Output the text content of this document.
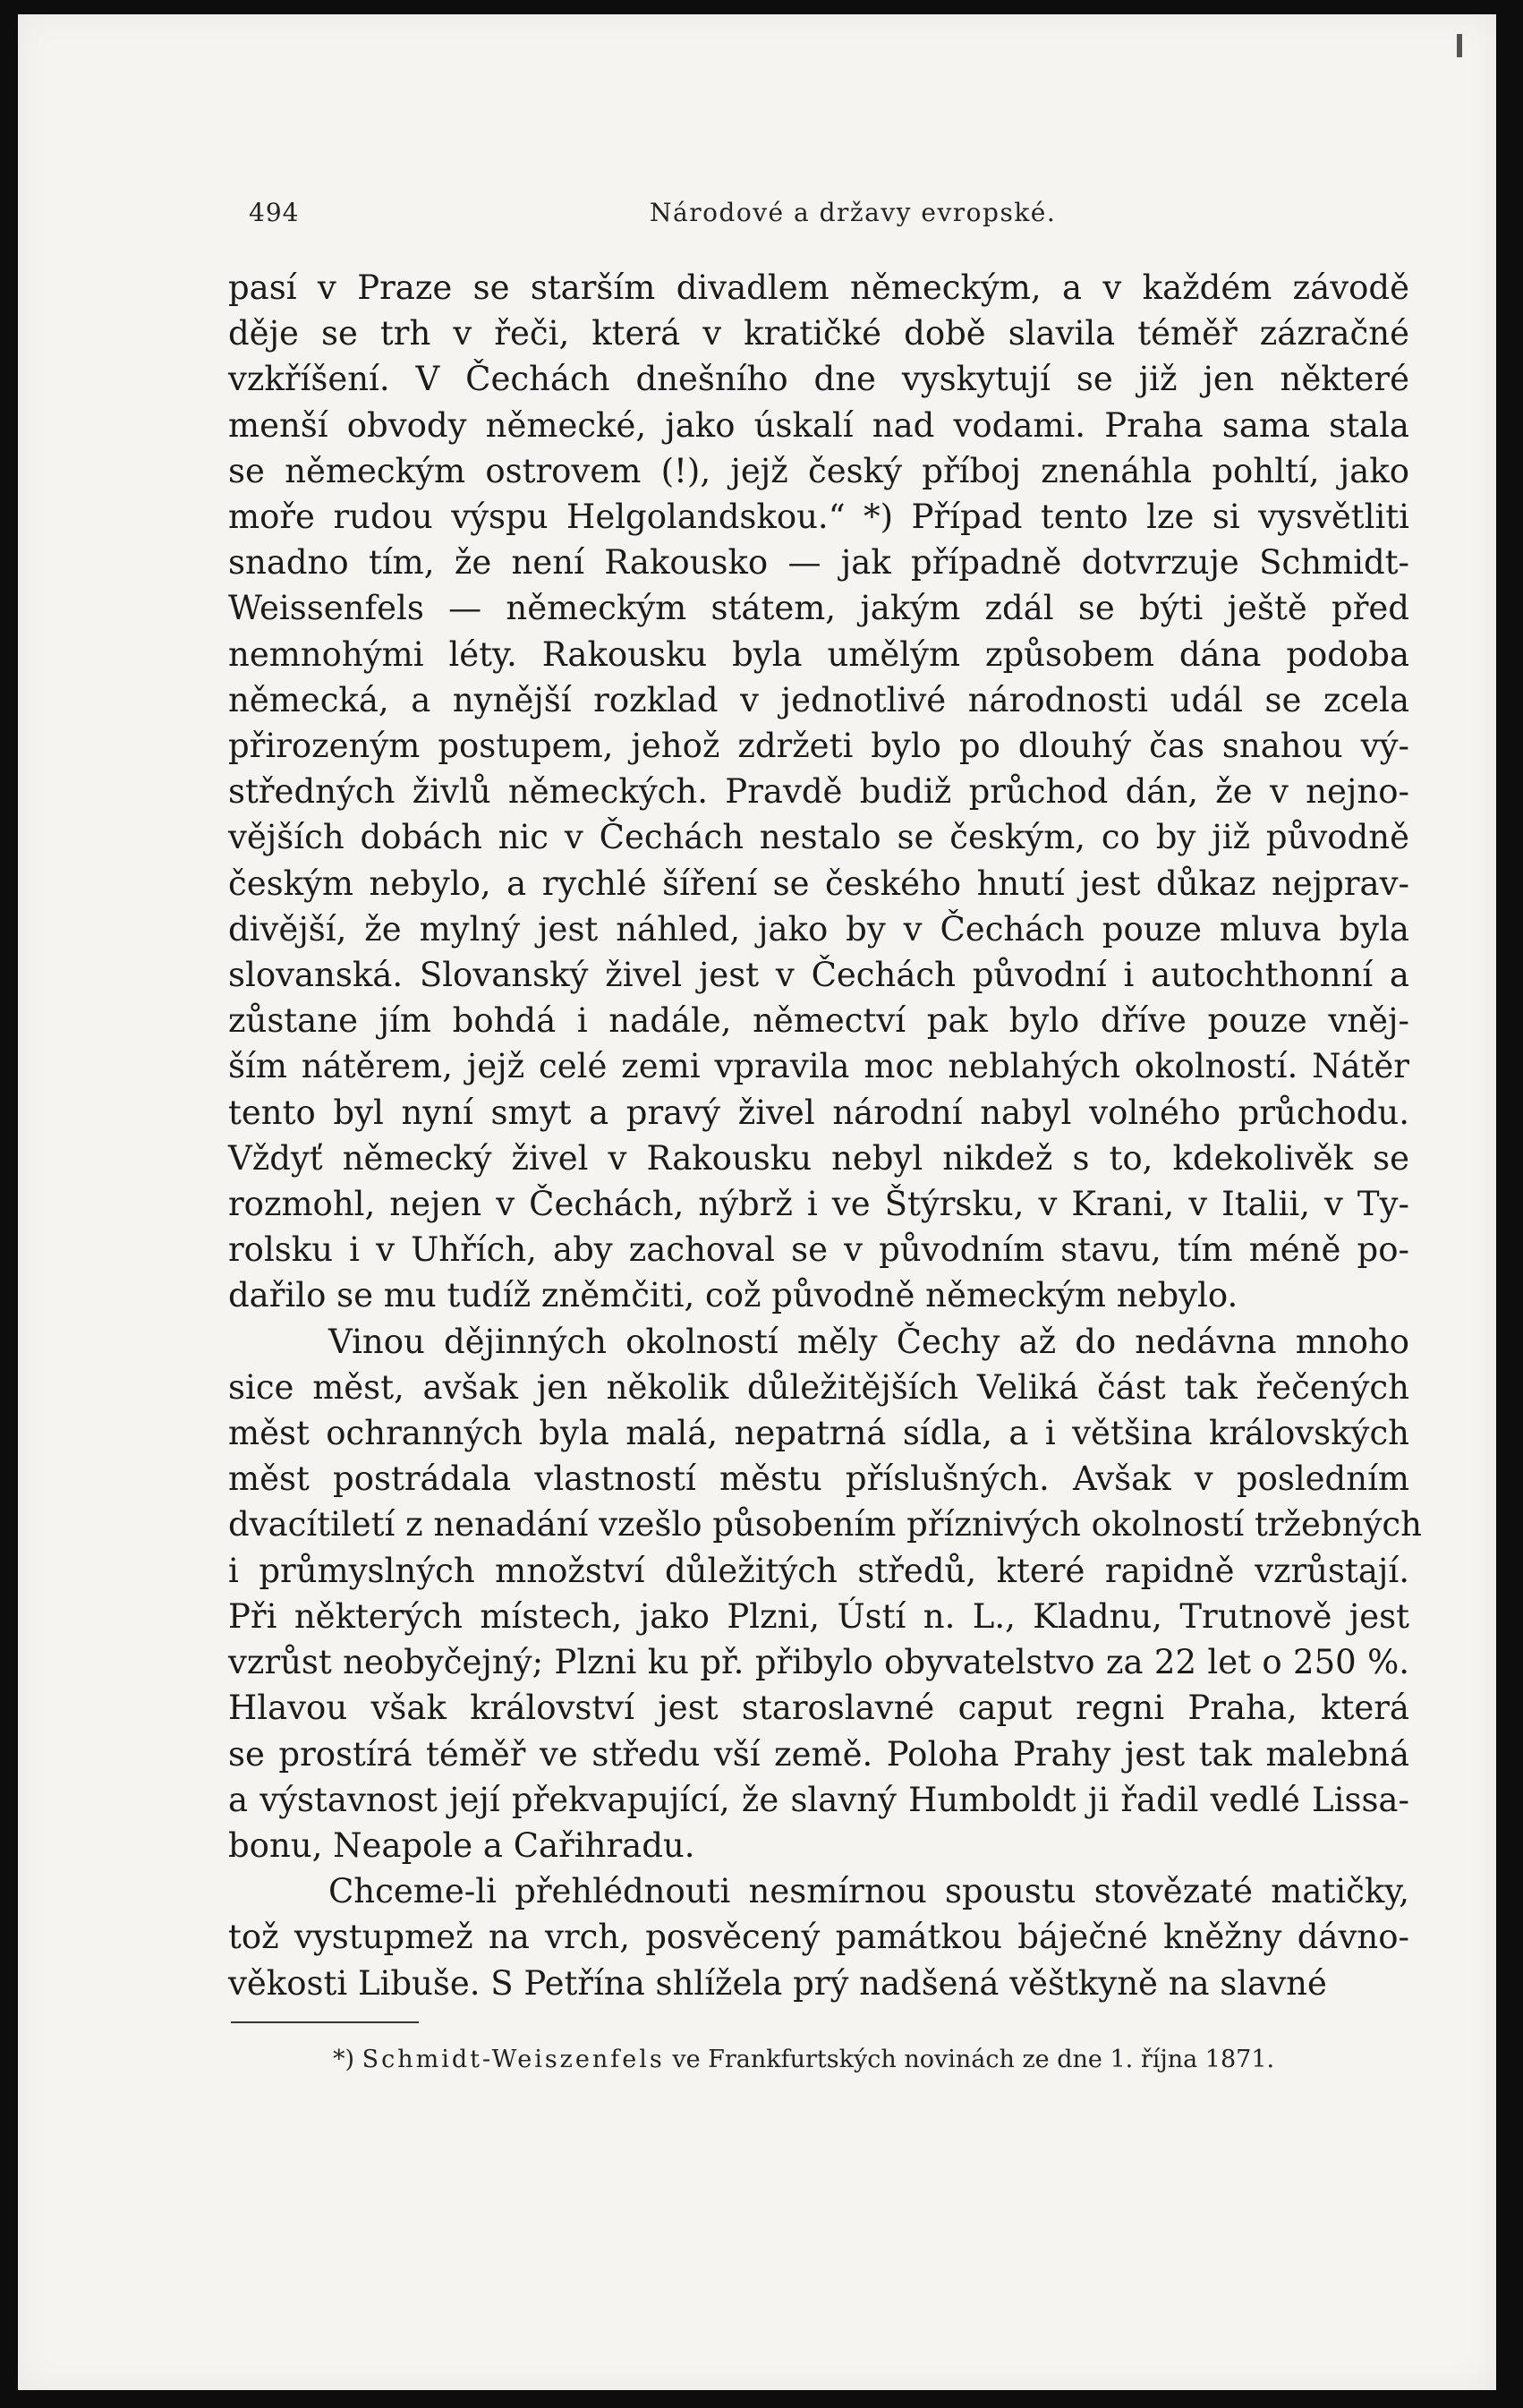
494	Národové a državy evropské.
pasí v Praze se starším divadlem německým, a v každém závodě
děje se trh v řeči, která v kratičké době slavila téměř zázračné
vzkříšení. V Čechách dnešního dne vyskytují se již jen některé
menší obvody německé, jako úskalí nad vodami. Praha sama stala
se německým ostrovem (!), jejž český příboj znenáhla pohltí, jako
moře rudou výspu Helgolandskou.“ *) Případ tento lze si vysvětliti
snadno tím, že není Rakousko — jak případně dotvrzuje Schmidt-
Weissenfels — německým státem, jakým zdál se býti ještě před
nemnohými léty. Rakousku byla umělým způsobem dána podoba
německá, a nynější rozklad v jednotlivé národnosti udál se zcela
přirozeným postupem, jehož zdržeti bylo po dlouhý čas snahou vý-
středných živlů německých. Pravdě budiž průchod dán, že v nejno-
vějších dobách nic v Čechách nestalo se českým, co by již původně
českým nebylo, a rychlé šíření se českého hnutí jest důkaz nejprav-
divější, že mylný jest náhled, jako by v Čechách pouze mluva byla
slovanská. Slovanský živel jest v Čechách původní i autochthonní a
zůstane jím bohdá i nadále, němectví pak bylo dříve pouze vněj-
ším nátěrem, jejž celé zemi vpravila moc neblahých okolností. Nátěr
tento byl nyní smyt a pravý živel národní nabyl volného průchodu.
Vždyť německý živel v Rakousku nebyl nikdež s to, kdekolivěk se
rozmohl, nejen v Čechách, nýbrž i ve Štýrsku, v Krani, v Italii, v Ty-
rolsku i v Uhřích, aby zachoval se v původním stavu, tím méně po-
dařilo se mu tudíž zněmčiti, což původně německým nebylo.
Vinou dějinných okolností měly Čechy až do nedávna mnoho
sice měst, avšak jen několik důležitějších Veliká část tak řečených
měst ochranných byla malá, nepatrná sídla, a i většina královských
měst postrádala vlastností městu příslušných. Avšak v posledním
dvacítiletí z nenadání vzešlo působením příznivých okolností tržebných
i průmyslných množství důležitých středů, které rapidně vzrůstají.
Při některých místech, jako Plzni, Ústí n. L., Kladnu, Trutnově jest
vzrůst neobyčejný; Plzni ku př. přibylo obyvatelstvo za 22 let o 250 %.
Hlavou však království jest staroslavné caput regni Praha, která
se prostírá téměř ve středu vší země. Poloha Prahy jest tak malebná
a výstavnost její překvapující, že slavný Humboldt ji řadil vedlé Lissa-
bonu, Neapole a Cařihradu.
Chceme-li přehlédnouti nesmírnou spoustu stovězaté matičky,
tož vystupmež na vrch, posvěcený památkou báječné kněžny dávno-
věkosti Libuše. S Petřína shlížela prý nadšená věštkyně na slavné
*) Schmidt-Weiszenfels ve Frankfurtských novinách ze dne 1. října 1871.
